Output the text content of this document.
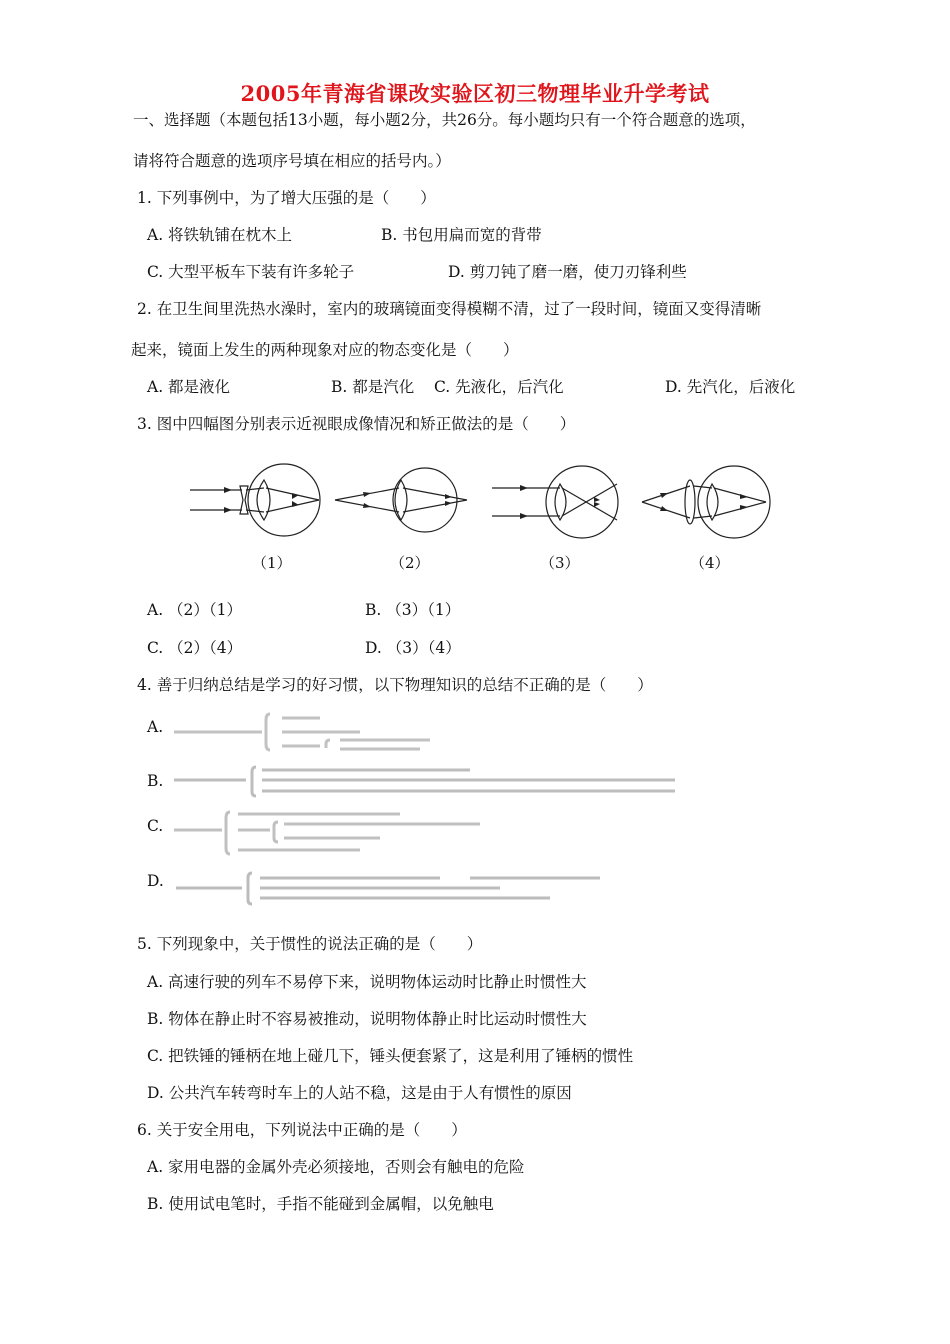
2005年青海省课改实验区初三物理毕业升学考试
一、选择题（本题包括13小题，每小题2分，共26分。每小题均只有一个符合题意的选项，
请将符合题意的选项序号填在相应的括号内。）
1. 下列事例中，为了增大压强的是（　　）
A. 将铁轨铺在枕木上	B. 书包用扁而宽的背带
C. 大型平板车下装有许多轮子	D. 剪刀钝了磨一磨，使刀刃锋利些
2. 在卫生间里洗热水澡时，室内的玻璃镜面变得模糊不清，过了一段时间，镜面又变得清晰
起来，镜面上发生的两种现象对应的物态变化是（　　）
A. 都是液化	B. 都是汽化 C. 先液化，后汽化	D. 先汽化，后液化
3. 图中四幅图分别表示近视眼成像情况和矫正做法的是（　　）
（1）	（2）	（3）	（4）
A. （2）（1）	B. （3）（1）
C. （2）（4）	D. （3）（4）
4. 善于归纳总结是学习的好习惯，以下物理知识的总结不正确的是（　　）
A.
B.
C.
D.
5. 下列现象中，关于惯性的说法正确的是（　　）
A. 高速行驶的列车不易停下来，说明物体运动时比静止时惯性大
B. 物体在静止时不容易被推动，说明物体静止时比运动时惯性大
C. 把铁锤的锤柄在地上碰几下，锤头便套紧了，这是利用了锤柄的惯性
D. 公共汽车转弯时车上的人站不稳，这是由于人有惯性的原因
6. 关于安全用电，下列说法中正确的是（　　）
A. 家用电器的金属外壳必须接地，否则会有触电的危险
B. 使用试电笔时，手指不能碰到金属帽，以免触电
